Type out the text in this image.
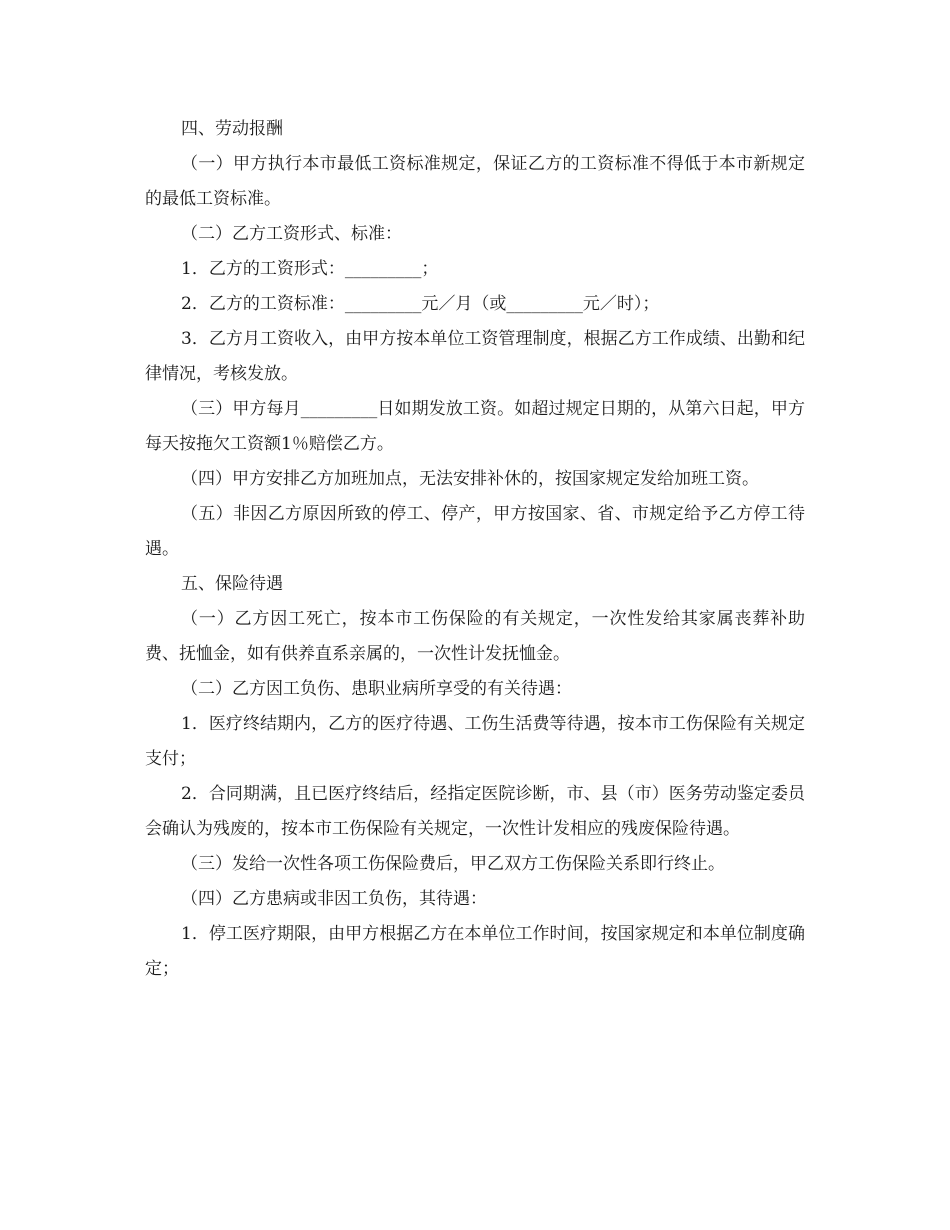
四、劳动报酬

（一）甲方执行本市最低工资标准规定，保证乙方的工资标准不得低于本市新规定的最低工资标准。

（二）乙方工资形式、标准：

1．乙方的工资形式：_________；

2．乙方的工资标准：_________元／月（或_________元／时）；

3．乙方月工资收入，由甲方按本单位工资管理制度，根据乙方工作成绩、出勤和纪律情况，考核发放。

（三）甲方每月_________日如期发放工资。如超过规定日期的，从第六日起，甲方每天按拖欠工资额1％赔偿乙方。

（四）甲方安排乙方加班加点，无法安排补休的，按国家规定发给加班工资。

（五）非因乙方原因所致的停工、停产，甲方按国家、省、市规定给予乙方停工待遇。

五、保险待遇

（一）乙方因工死亡，按本市工伤保险的有关规定，一次性发给其家属丧葬补助费、抚恤金，如有供养直系亲属的，一次性计发抚恤金。

（二）乙方因工负伤、患职业病所享受的有关待遇：

1．医疗终结期内，乙方的医疗待遇、工伤生活费等待遇，按本市工伤保险有关规定支付；

2．合同期满，且已医疗终结后，经指定医院诊断，市、县（市）医务劳动鉴定委员会确认为残废的，按本市工伤保险有关规定，一次性计发相应的残废保险待遇。

（三）发给一次性各项工伤保险费后，甲乙双方工伤保险关系即行终止。

（四）乙方患病或非因工负伤，其待遇：

1．停工医疗期限，由甲方根据乙方在本单位工作时间，按国家规定和本单位制度确定；
